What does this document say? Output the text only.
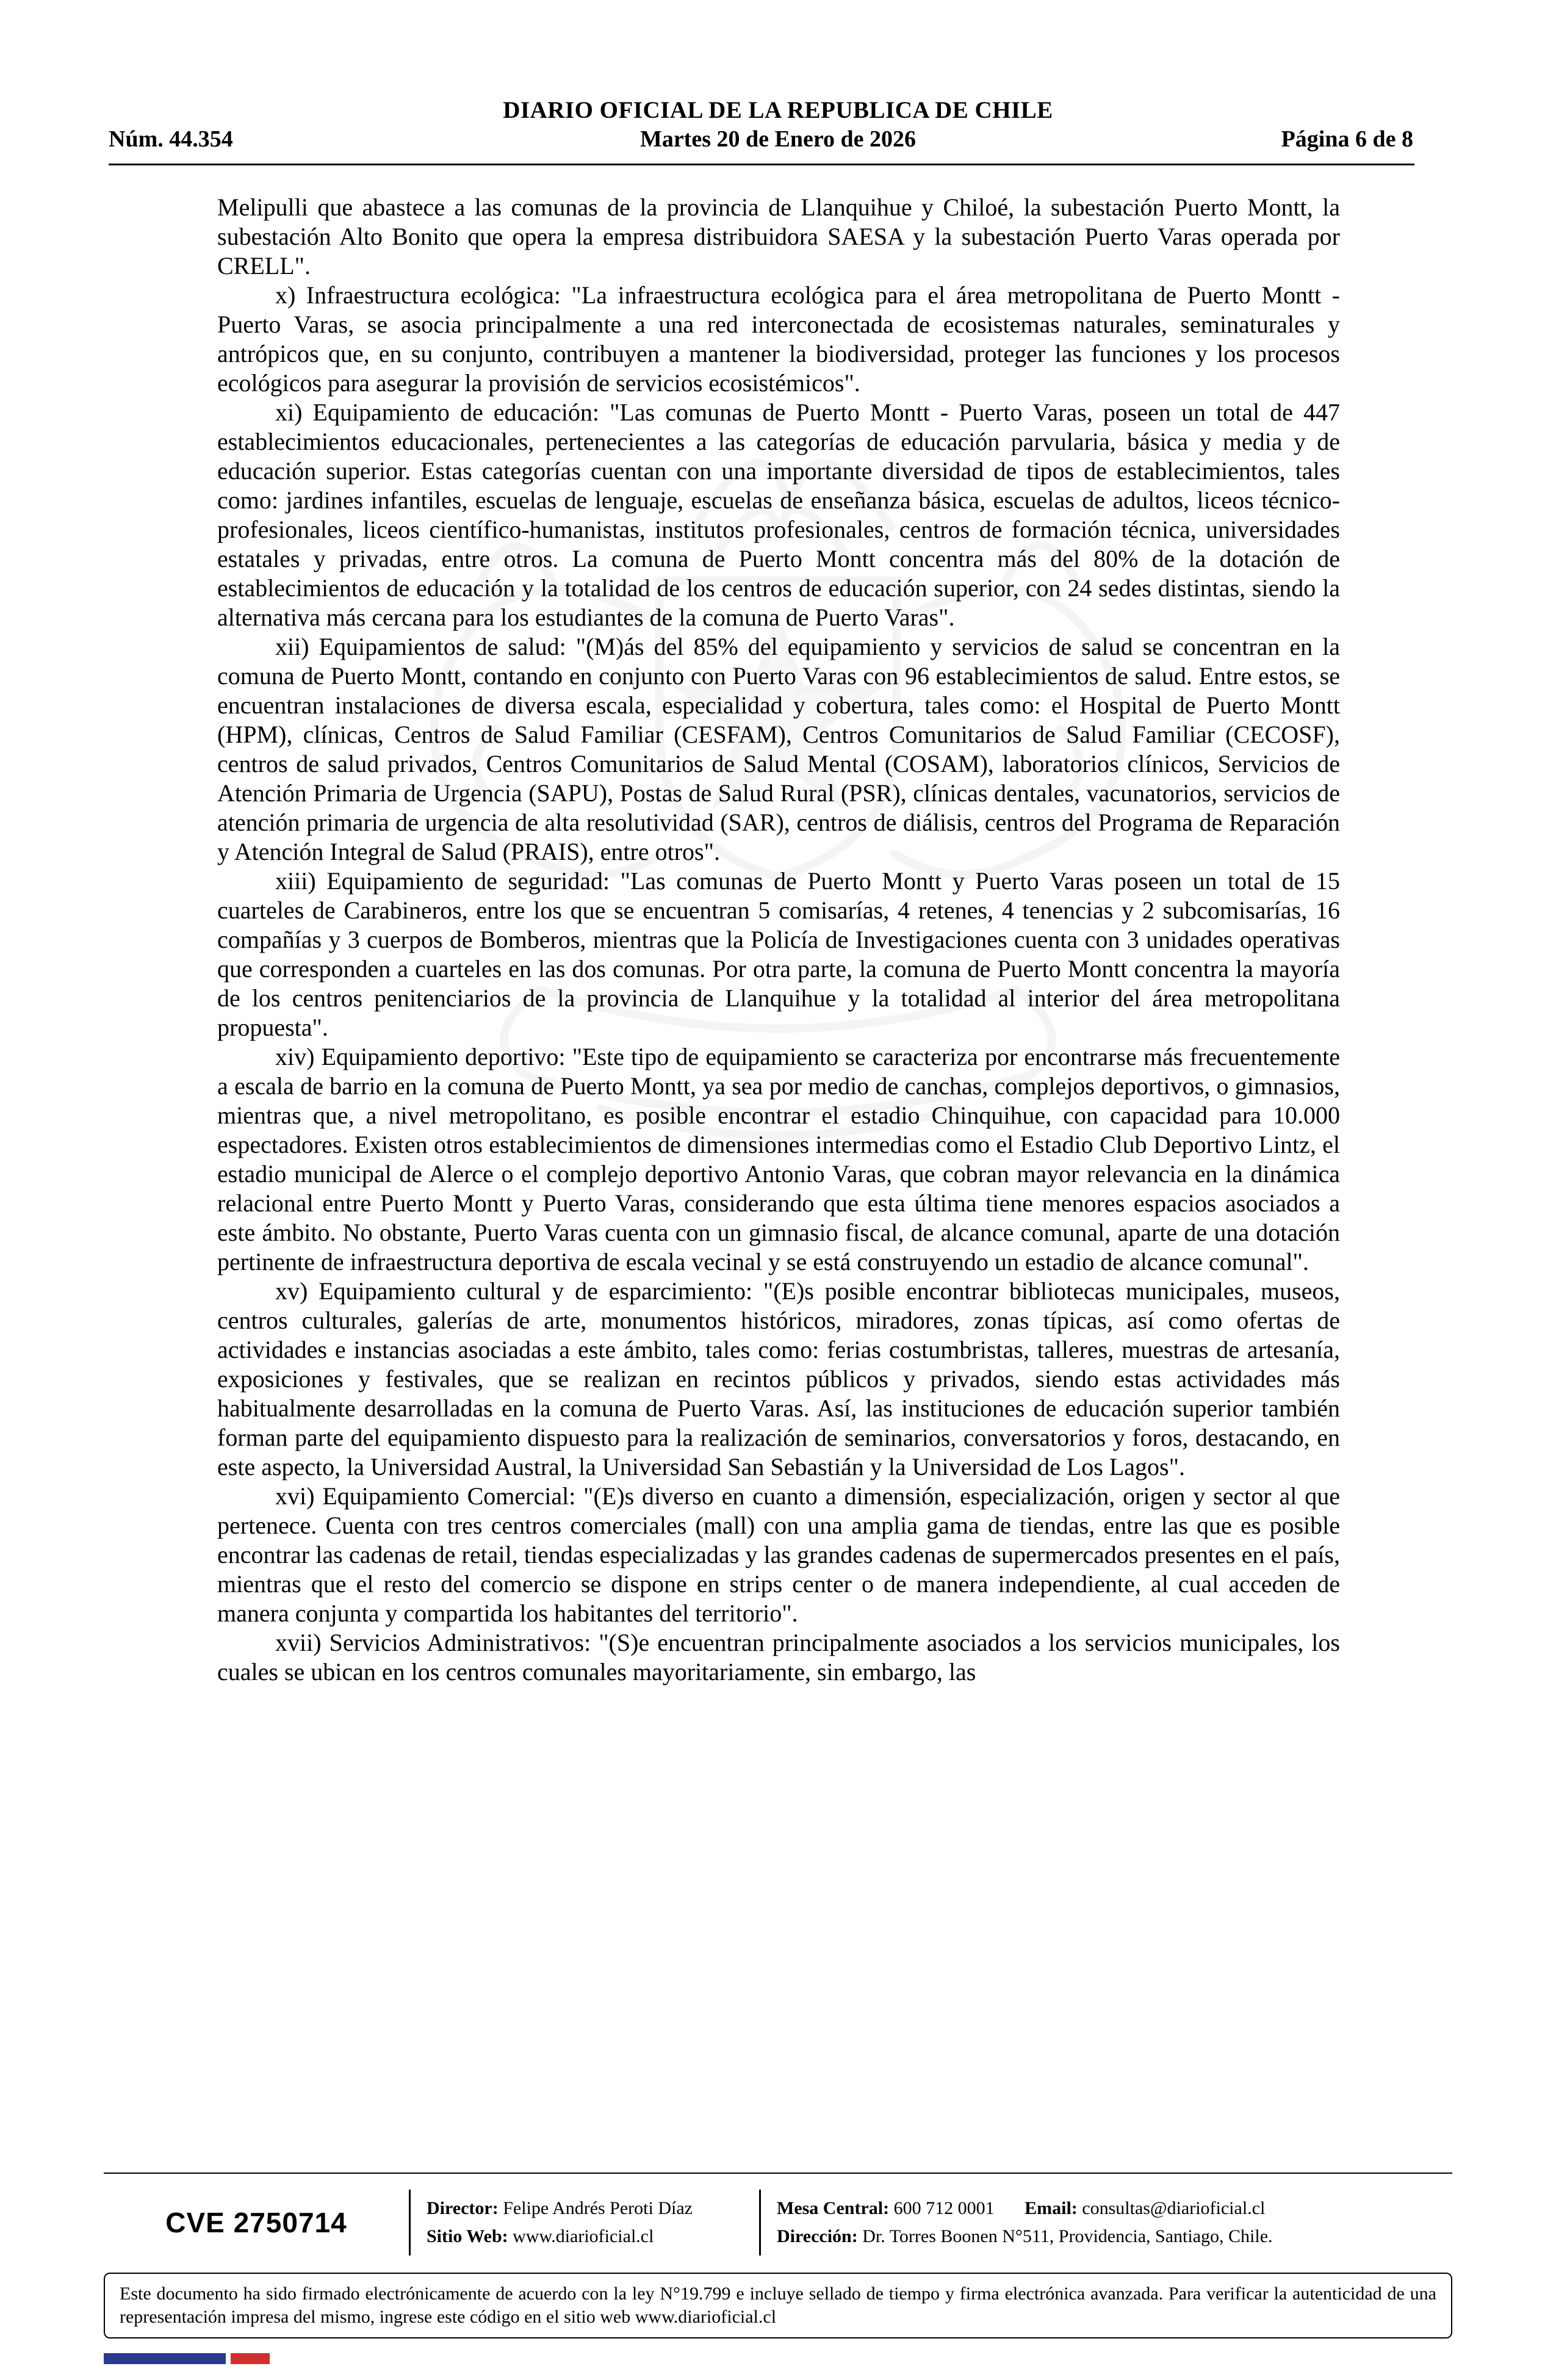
DIARIO OFICIAL DE LA REPUBLICA DE CHILE
Núm. 44.354	Martes 20 de Enero de 2026	Página 6 de 8

Melipulli que abastece a las comunas de la provincia de Llanquihue y Chiloé, la subestación Puerto Montt, la subestación Alto Bonito que opera la empresa distribuidora SAESA y la subestación Puerto Varas operada por CRELL".

x) Infraestructura ecológica: "La infraestructura ecológica para el área metropolitana de Puerto Montt - Puerto Varas, se asocia principalmente a una red interconectada de ecosistemas naturales, seminaturales y antrópicos que, en su conjunto, contribuyen a mantener la biodiversidad, proteger las funciones y los procesos ecológicos para asegurar la provisión de servicios ecosistémicos".

xi) Equipamiento de educación: "Las comunas de Puerto Montt - Puerto Varas, poseen un total de 447 establecimientos educacionales, pertenecientes a las categorías de educación parvularia, básica y media y de educación superior. Estas categorías cuentan con una importante diversidad de tipos de establecimientos, tales como: jardines infantiles, escuelas de lenguaje, escuelas de enseñanza básica, escuelas de adultos, liceos técnico-profesionales, liceos científico-humanistas, institutos profesionales, centros de formación técnica, universidades estatales y privadas, entre otros. La comuna de Puerto Montt concentra más del 80% de la dotación de establecimientos de educación y la totalidad de los centros de educación superior, con 24 sedes distintas, siendo la alternativa más cercana para los estudiantes de la comuna de Puerto Varas".

xii) Equipamientos de salud: "(M)ás del 85% del equipamiento y servicios de salud se concentran en la comuna de Puerto Montt, contando en conjunto con Puerto Varas con 96 establecimientos de salud. Entre estos, se encuentran instalaciones de diversa escala, especialidad y cobertura, tales como: el Hospital de Puerto Montt (HPM), clínicas, Centros de Salud Familiar (CESFAM), Centros Comunitarios de Salud Familiar (CECOSF), centros de salud privados, Centros Comunitarios de Salud Mental (COSAM), laboratorios clínicos, Servicios de Atención Primaria de Urgencia (SAPU), Postas de Salud Rural (PSR), clínicas dentales, vacunatorios, servicios de atención primaria de urgencia de alta resolutividad (SAR), centros de diálisis, centros del Programa de Reparación y Atención Integral de Salud (PRAIS), entre otros".

xiii) Equipamiento de seguridad: "Las comunas de Puerto Montt y Puerto Varas poseen un total de 15 cuarteles de Carabineros, entre los que se encuentran 5 comisarías, 4 retenes, 4 tenencias y 2 subcomisarías, 16 compañías y 3 cuerpos de Bomberos, mientras que la Policía de Investigaciones cuenta con 3 unidades operativas que corresponden a cuarteles en las dos comunas. Por otra parte, la comuna de Puerto Montt concentra la mayoría de los centros penitenciarios de la provincia de Llanquihue y la totalidad al interior del área metropolitana propuesta".

xiv) Equipamiento deportivo: "Este tipo de equipamiento se caracteriza por encontrarse más frecuentemente a escala de barrio en la comuna de Puerto Montt, ya sea por medio de canchas, complejos deportivos, o gimnasios, mientras que, a nivel metropolitano, es posible encontrar el estadio Chinquihue, con capacidad para 10.000 espectadores. Existen otros establecimientos de dimensiones intermedias como el Estadio Club Deportivo Lintz, el estadio municipal de Alerce o el complejo deportivo Antonio Varas, que cobran mayor relevancia en la dinámica relacional entre Puerto Montt y Puerto Varas, considerando que esta última tiene menores espacios asociados a este ámbito. No obstante, Puerto Varas cuenta con un gimnasio fiscal, de alcance comunal, aparte de una dotación pertinente de infraestructura deportiva de escala vecinal y se está construyendo un estadio de alcance comunal".

xv) Equipamiento cultural y de esparcimiento: "(E)s posible encontrar bibliotecas municipales, museos, centros culturales, galerías de arte, monumentos históricos, miradores, zonas típicas, así como ofertas de actividades e instancias asociadas a este ámbito, tales como: ferias costumbristas, talleres, muestras de artesanía, exposiciones y festivales, que se realizan en recintos públicos y privados, siendo estas actividades más habitualmente desarrolladas en la comuna de Puerto Varas. Así, las instituciones de educación superior también forman parte del equipamiento dispuesto para la realización de seminarios, conversatorios y foros, destacando, en este aspecto, la Universidad Austral, la Universidad San Sebastián y la Universidad de Los Lagos".

xvi) Equipamiento Comercial: "(E)s diverso en cuanto a dimensión, especialización, origen y sector al que pertenece. Cuenta con tres centros comerciales (mall) con una amplia gama de tiendas, entre las que es posible encontrar las cadenas de retail, tiendas especializadas y las grandes cadenas de supermercados presentes en el país, mientras que el resto del comercio se dispone en strips center o de manera independiente, al cual acceden de manera conjunta y compartida los habitantes del territorio".

xvii) Servicios Administrativos: "(S)e encuentran principalmente asociados a los servicios municipales, los cuales se ubican en los centros comunales mayoritariamente, sin embargo, las

CVE 2750714	Director: Felipe Andrés Peroti Díaz
Sitio Web: www.diarioficial.cl
Mesa Central: 600 712 0001 Email: consultas@diarioficial.cl
Dirección: Dr. Torres Boonen N°511, Providencia, Santiago, Chile.
Este documento ha sido firmado electrónicamente de acuerdo con la ley N°19.799 e incluye sellado de tiempo y firma electrónica avanzada. Para verificar la autenticidad de una representación impresa del mismo, ingrese este código en el sitio web www.diarioficial.cl
